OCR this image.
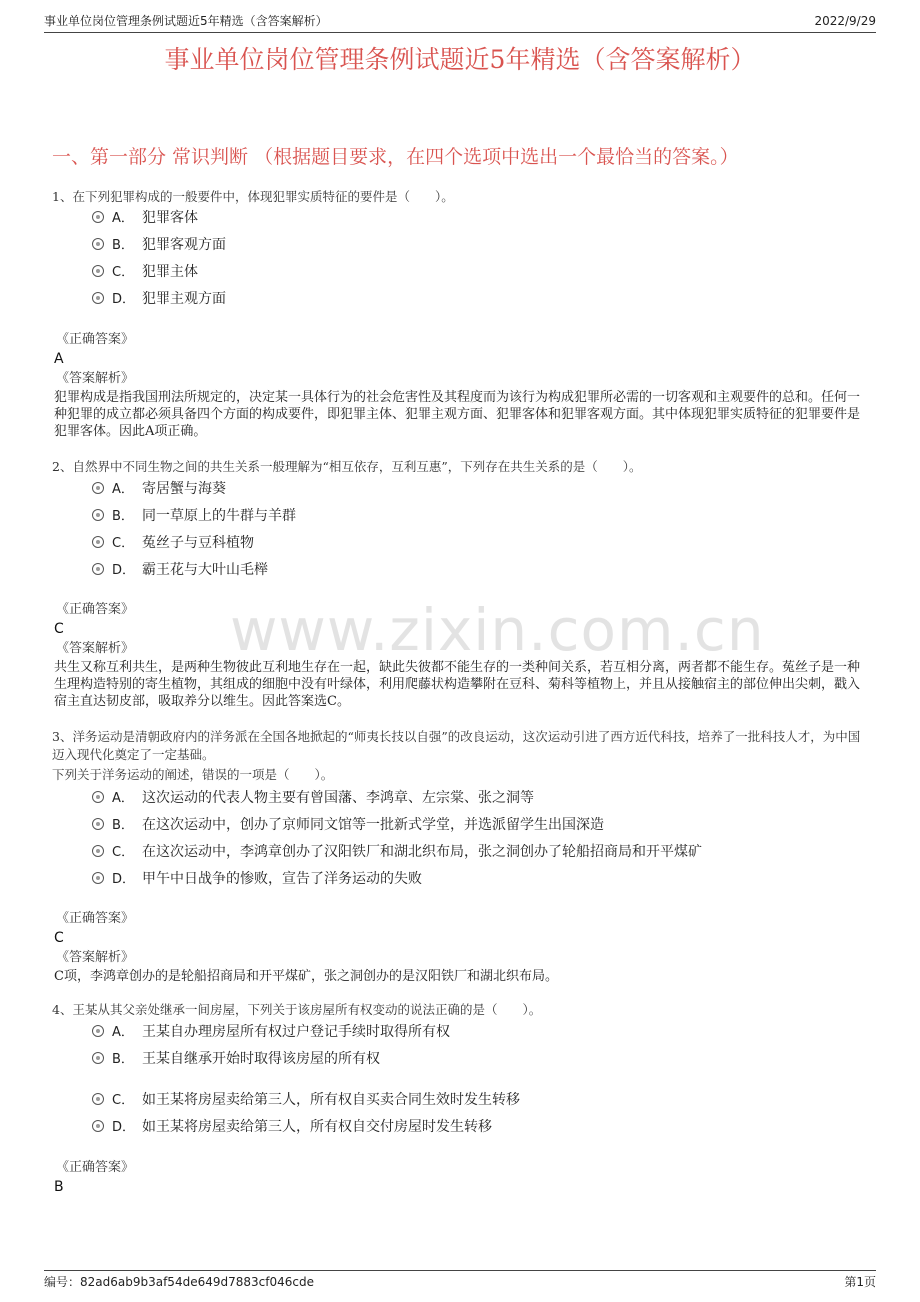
事业单位岗位管理条例试题近5年精选（含答案解析）	2022/9/29
事业单位岗位管理条例试题近5年精选（含答案解析）
一、第一部分 常识判断 （根据题目要求，在四个选项中选出一个最恰当的答案。）
www.zixin.com.cn
1、在下列犯罪构成的一般要件中，体现犯罪实质特征的要件是（　　）。
A． 犯罪客体
B． 犯罪客观方面
C． 犯罪主体
D． 犯罪主观方面
《正确答案》
A
《答案解析》
犯罪构成是指我国刑法所规定的，决定某一具体行为的社会危害性及其程度而为该行为构成犯罪所必需的一切客观和主观要件的总和。任何一种犯罪的成立都必须具备四个方面的构成要件，即犯罪主体、犯罪主观方面、犯罪客体和犯罪客观方面。其中体现犯罪实质特征的犯罪要件是犯罪客体。因此A项正确。
2、自然界中不同生物之间的共生关系一般理解为“相互依存，互利互惠”，下列存在共生关系的是（　　）。
A． 寄居蟹与海葵
B． 同一草原上的牛群与羊群
C． 菟丝子与豆科植物
D． 霸王花与大叶山毛榉
《正确答案》
C
《答案解析》
共生又称互利共生，是两种生物彼此互利地生存在一起，缺此失彼都不能生存的一类种间关系，若互相分离，两者都不能生存。菟丝子是一种生理构造特别的寄生植物，其组成的细胞中没有叶绿体，利用爬藤状构造攀附在豆科、菊科等植物上，并且从接触宿主的部位伸出尖刺，戳入宿主直达韧皮部，吸取养分以维生。因此答案选C。
3、洋务运动是清朝政府内的洋务派在全国各地掀起的“师夷长技以自强”的改良运动，这次运动引进了西方近代科技，培养了一批科技人才，为中国迈入现代化奠定了一定基础。
下列关于洋务运动的阐述，错误的一项是（　　）。
A． 这次运动的代表人物主要有曾国藩、李鸿章、左宗棠、张之洞等
B． 在这次运动中，创办了京师同文馆等一批新式学堂，并选派留学生出国深造
C． 在这次运动中，李鸿章创办了汉阳铁厂和湖北织布局，张之洞创办了轮船招商局和开平煤矿
D． 甲午中日战争的惨败，宣告了洋务运动的失败
《正确答案》
C
《答案解析》
C项，李鸿章创办的是轮船招商局和开平煤矿，张之洞创办的是汉阳铁厂和湖北织布局。
4、王某从其父亲处继承一间房屋，下列关于该房屋所有权变动的说法正确的是（　　）。
A． 王某自办理房屋所有权过户登记手续时取得所有权
B． 王某自继承开始时取得该房屋的所有权
C． 如王某将房屋卖给第三人，所有权自买卖合同生效时发生转移
D． 如王某将房屋卖给第三人，所有权自交付房屋时发生转移
《正确答案》
B
编号：82ad6ab9b3af54de649d7883cf046cde	第1页
